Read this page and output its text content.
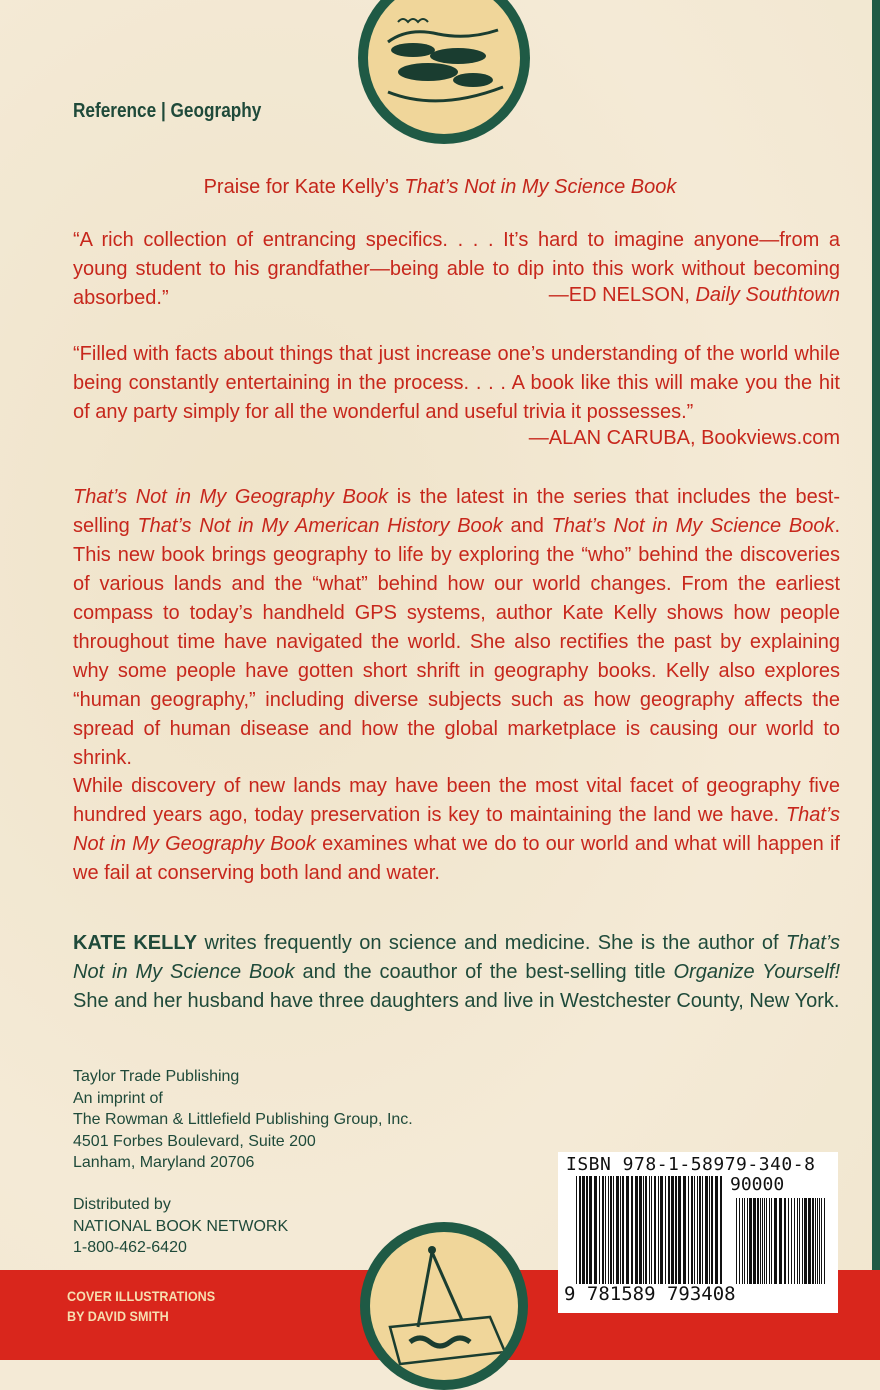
Reference | Geography
Praise for Kate Kelly’s That’s Not in My Science Book
“A rich collection of entrancing specifics. . . . It’s hard to imagine anyone—from a young student to his grandfather—being able to dip into this work without becoming absorbed.”	—ED NELSON, Daily Southtown
“Filled with facts about things that just increase one’s understanding of the world while being constantly entertaining in the process. . . . A book like this will make you the hit of any party simply for all the wonderful and useful trivia it possesses.”
—ALAN CARUBA, Bookviews.com
That’s Not in My Geography Book is the latest in the series that includes the best-selling That’s Not in My American History Book and That’s Not in My Science Book. This new book brings geography to life by exploring the “who” behind the discoveries of various lands and the “what” behind how our world changes. From the earliest compass to today’s handheld GPS systems, author Kate Kelly shows how people throughout time have navigated the world. She also rectifies the past by explaining why some people have gotten short shrift in geography books. Kelly also explores “human geography,” including diverse subjects such as how geography affects the spread of human disease and how the global marketplace is causing our world to shrink.
While discovery of new lands may have been the most vital facet of geography five hundred years ago, today preservation is key to maintaining the land we have. That’s Not in My Geography Book examines what we do to our world and what will happen if we fail at conserving both land and water.
KATE KELLY writes frequently on science and medicine. She is the author of That’s Not in My Science Book and the coauthor of the best-selling title Organize Yourself! She and her husband have three daughters and live in Westchester County, New York.
Taylor Trade Publishing
An imprint of
The Rowman & Littlefield Publishing Group, Inc.
4501 Forbes Boulevard, Suite 200
Lanham, Maryland 20706
Distributed by
NATIONAL BOOK NETWORK
1-800-462-6420
COVER ILLUSTRATIONS
BY DAVID SMITH
ISBN 978-1-58979-340-8
90000
9 781589 793408
